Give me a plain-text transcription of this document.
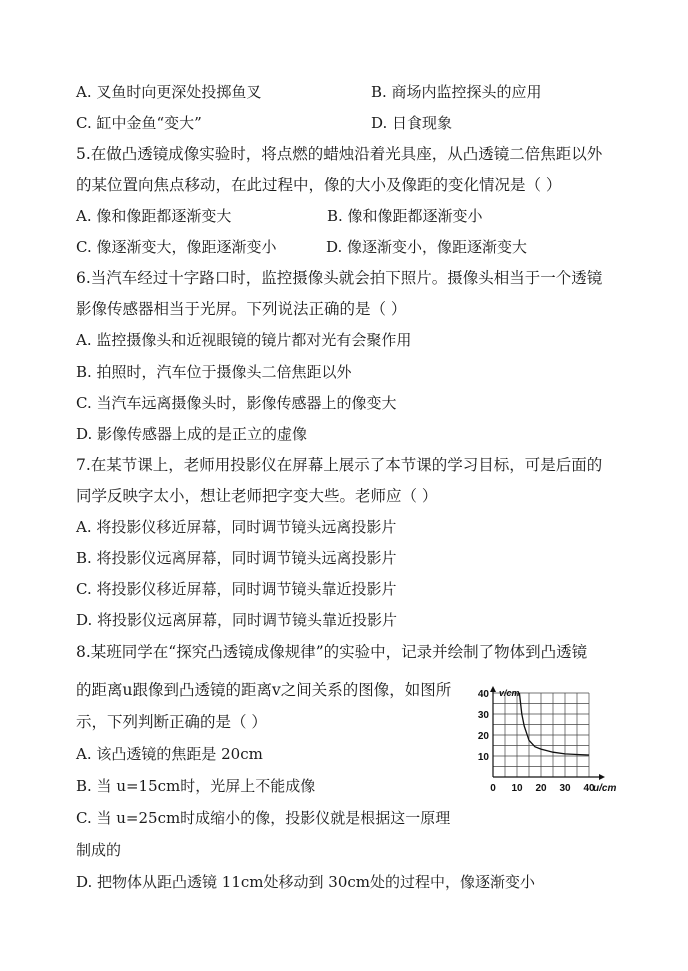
A. 叉鱼时向更深处投掷鱼叉	B. 商场内监控探头的应用
C. 缸中金鱼“变大”	D. 日食现象
5.在做凸透镜成像实验时，将点燃的蜡烛沿着光具座，从凸透镜二倍焦距以外
的某位置向焦点移动，在此过程中，像的大小及像距的变化情况是（ ）
A. 像和像距都逐渐变大	B. 像和像距都逐渐变小
C. 像逐渐变大，像距逐渐变小	D. 像逐渐变小，像距逐渐变大
6.当汽车经过十字路口时，监控摄像头就会拍下照片。摄像头相当于一个透镜
影像传感器相当于光屏。下列说法正确的是（ ）
A. 监控摄像头和近视眼镜的镜片都对光有会聚作用
B. 拍照时，汽车位于摄像头二倍焦距以外
C. 当汽车远离摄像头时，影像传感器上的像变大
D. 影像传感器上成的是正立的虚像
7.在某节课上，老师用投影仪在屏幕上展示了本节课的学习目标，可是后面的
同学反映字太小，想让老师把字变大些。老师应（ ）
A. 将投影仪移近屏幕，同时调节镜头远离投影片
B. 将投影仪远离屏幕，同时调节镜头远离投影片
C. 将投影仪移近屏幕，同时调节镜头靠近投影片
D. 将投影仪远离屏幕，同时调节镜头靠近投影片
8.某班同学在“探究凸透镜成像规律”的实验中，记录并绘制了物体到凸透镜
的距离u跟像到凸透镜的距离v之间关系的图像，如图所
示，下列判断正确的是（ ）
A. 该凸透镜的焦距是 20cm
B. 当 u=15cm时，光屏上不能成像
C. 当 u=25cm时成缩小的像，投影仪就是根据这一原理
制成的
D. 把物体从距凸透镜 11cm处移动到 30cm处的过程中，像逐渐变小
0 10 20 30 40
10
20
30
40
u/cm
v/cm
